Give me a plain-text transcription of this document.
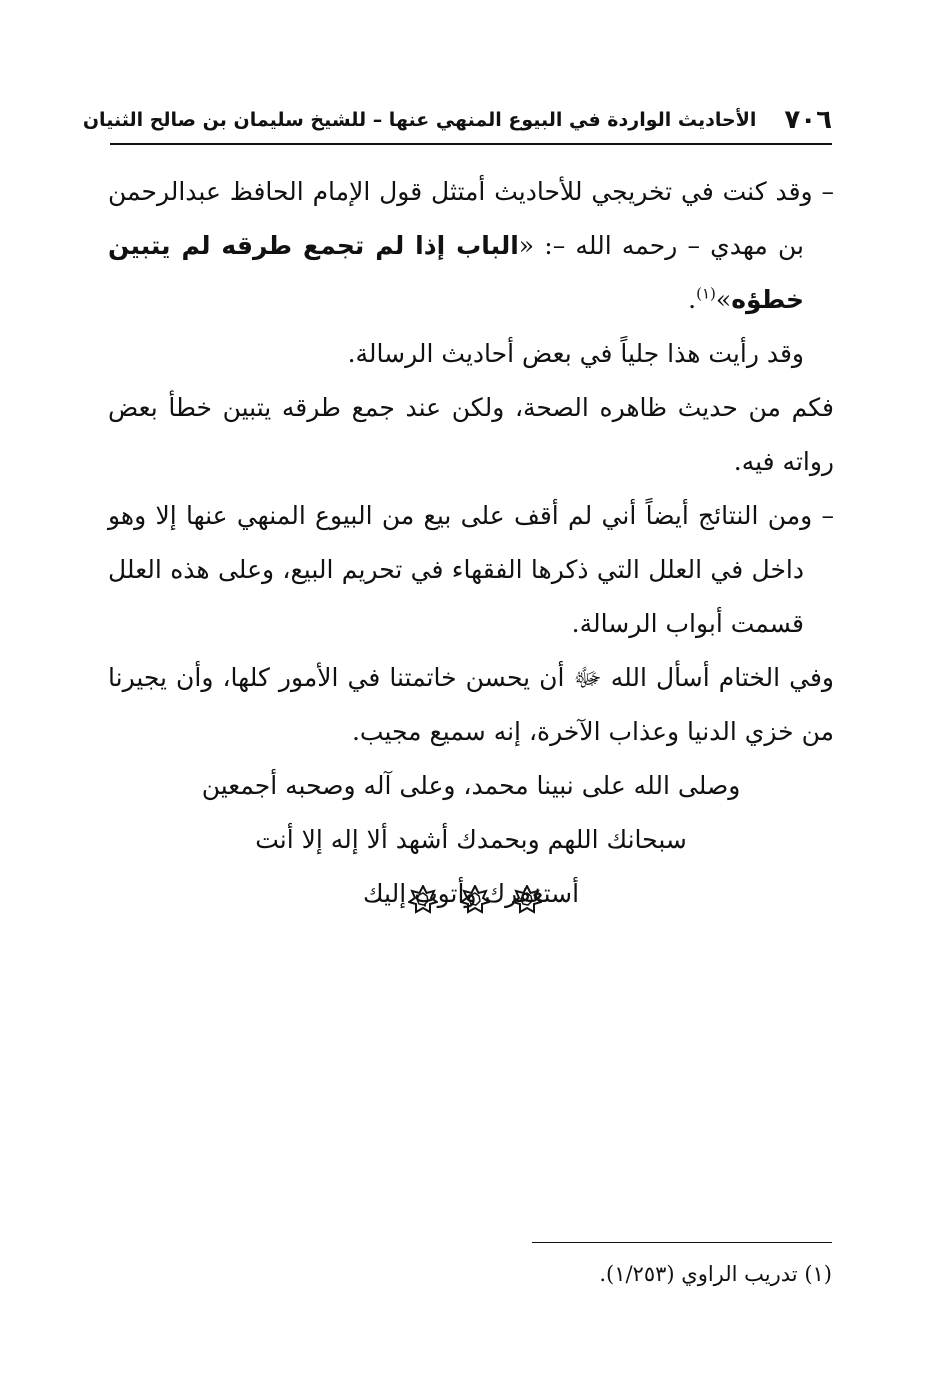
٧٠٦
الأحاديث الواردة في البيوع المنهي عنها – للشيخ سليمان بن صالح الثنيان

– وقد كنت في تخريجي للأحاديث أمتثل قول الإمام الحافظ عبدالرحمن بن مهدي – رحمه الله –: «الباب إذا لم تجمع طرقه لم يتبين خطؤه»$^{(١)}$.
وقد رأيت هذا جلياً في بعض أحاديث الرسالة.

فكم من حديث ظاهره الصحة، ولكن عند جمع طرقه يتبين خطأ بعض رواته فيه.

– ومن النتائج أيضاً أني لم أقف على بيع من البيوع المنهي عنها إلا وهو داخل في العلل التي ذكرها الفقهاء في تحريم البيع، وعلى هذه العلل قسمت أبواب الرسالة.

وفي الختام أسأل الله ﷻ أن يحسن خاتمتنا في الأمور كلها، وأن يجيرنا من خزي الدنيا وعذاب الآخرة، إنه سميع مجيب.

وصلى الله على نبينا محمد، وعلى آله وصحبه أجمعين

سبحانك اللهم وبحمدك أشهد ألا إله إلا أنت

أستغفرك وأتوب إليك

(١) تدريب الراوي (١/٢٥٣).
